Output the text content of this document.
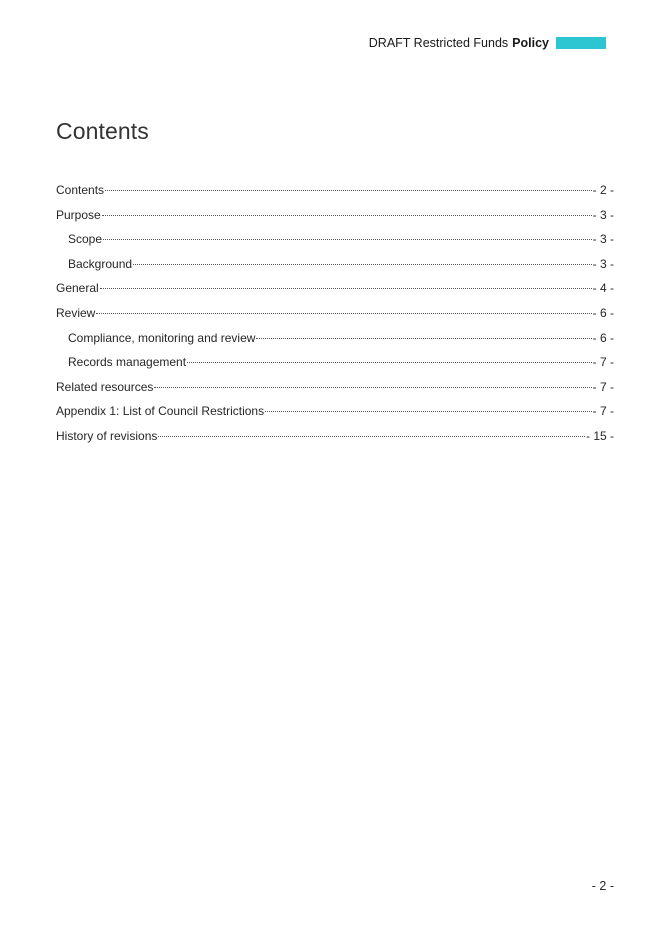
DRAFT Restricted Funds Policy
Contents
Contents	- 2 -
Purpose	- 3 -
Scope	- 3 -
Background	- 3 -
General	- 4 -
Review	- 6 -
Compliance, monitoring and review	- 6 -
Records management	- 7 -
Related resources	- 7 -
Appendix 1: List of Council Restrictions	- 7 -
History of revisions	- 15 -
- 2 -
